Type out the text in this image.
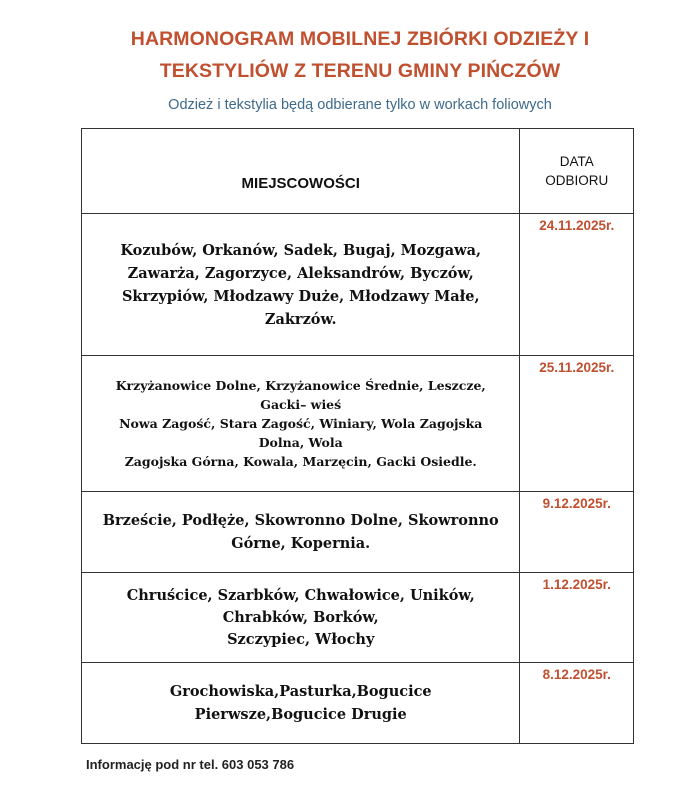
HARMONOGRAM MOBILNEJ ZBIÓRKI ODZIEŻY I
TEKSTYLIÓW Z TERENU GMINY PIŃCZÓW
Odzież i tekstylia będą odbierane tylko w workach foliowych
MIEJSCOWOŚCI	DATA
ODBIORU

Kozubów, Orkanów, Sadek, Bugaj, Mozgawa,
Zawarża, Zagorzyce, Aleksandrów, Byczów,
Skrzypiów, Młodzawy Duże, Młodzawy Małe,
Zakrzów.	24.11.2025r.

Krzyżanowice Dolne, Krzyżanowice Średnie, Leszcze,
Gacki– wieś
Nowa Zagość, Stara Zagość, Winiary, Wola Zagojska
Dolna, Wola
Zagojska Górna, Kowala, Marzęcin, Gacki Osiedle.	25.11.2025r.

Brzeście, Podłęże, Skowronno Dolne, Skowronno
Górne, Kopernia.	9.12.2025r.

Chruścice, Szarbków, Chwałowice, Uników,
Chrabków, Borków,
Szczypiec, Włochy	1.12.2025r.

Grochowiska,Pasturka,Bogucice
Pierwsze,Bogucice Drugie	8.12.2025r.
Informację pod nr tel. 603 053 786
